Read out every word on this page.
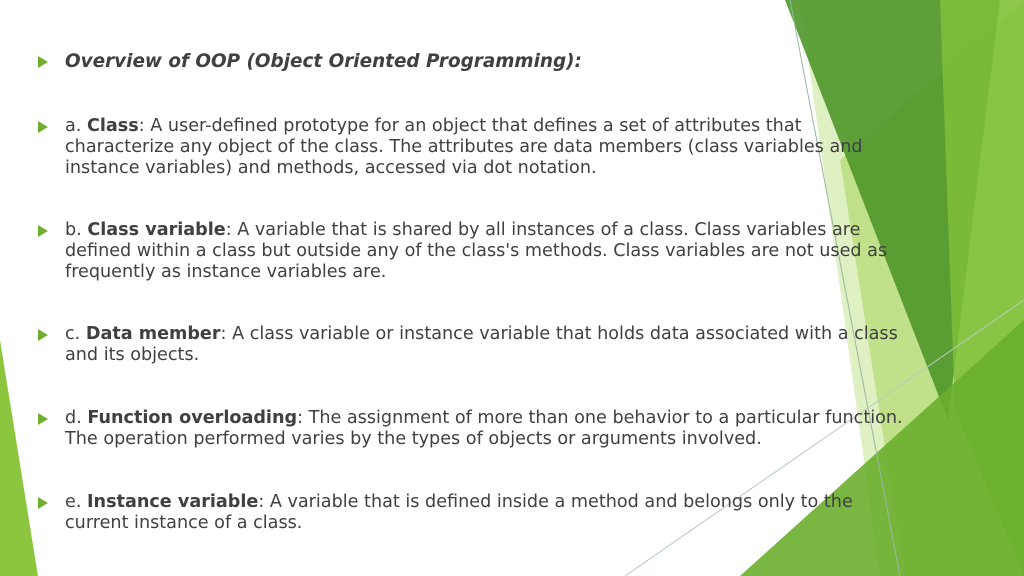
Overview of OOP (Object Oriented Programming):
a. Class: A user-defined prototype for an object that defines a set of attributes that
characterize any object of the class. The attributes are data members (class variables and
instance variables) and methods, accessed via dot notation.
b. Class variable: A variable that is shared by all instances of a class. Class variables are
defined within a class but outside any of the class's methods. Class variables are not used as
frequently as instance variables are.
c. Data member: A class variable or instance variable that holds data associated with a class
and its objects.
d. Function overloading: The assignment of more than one behavior to a particular function.
The operation performed varies by the types of objects or arguments involved.
e. Instance variable: A variable that is defined inside a method and belongs only to the
current instance of a class.
